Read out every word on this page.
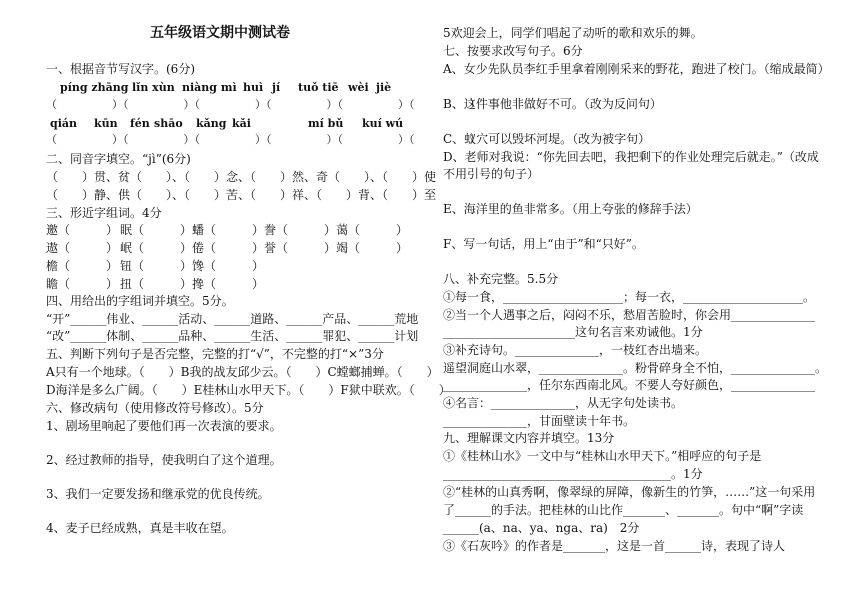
五年级语文期中测试卷
一、根据音节写汉字。(6分)
píng zhāng lǐn xùn niàng mì huì jí tuǒ tiē wèi jiè
（　　　　　）（　　　　　）（　　　　　）（　　　　　）（　　　　　）（　　　　　）
qián kūn fén shāo kǎng kǎi	mí bǔ kuí wú
（　　　　　）（　　　　　）（　　　　　）（　　　　　）（　　　　　）（　　　　　）
二、同音字填空。“jì”(6分)
（　　）贯、贫（　　）、（　　）念、（　　）然、奇（　　）、（　　）使
（　　）静、供（　　）、（　　）苦、（　　）祥、（　　）背、（　　）至
三、形近字组词。4分
邀（　　　） 眠（　　　） 蟠（　　　） 誊（　　　） 蔼（　　　）
遨（　　　） 岷（　　　） 倦（　　　） 誉（　　　） 竭（　　　）
檐（　　　） 钮（　　　） 馋（　　　）
瞻（　　　） 扭（　　　） 搀（　　　）
四、用给出的字组词并填空。5分。
“开”______伟业、______活动、______道路、______产品、______荒地
“改”______体制、______品种、______生活、______罪犯、______计划
五、判断下列句子是否完整，完整的打“√”，不完整的打“×”3分
A只有一个地球。（　　）B我的战友邱少云。（　　）C螳螂捕蝉。（　　）
D海洋是多么广阔。（　　）E桂林山水甲天下。（　　）F狱中联欢。（　　）
六、修改病句（使用修改符号修改）。5分
1、剧场里响起了要他们再一次表演的要求。
2、经过教师的指导，使我明白了这个道理。
3、我们一定要发扬和继承党的优良传统。
4、麦子已经成熟，真是丰收在望。
5欢迎会上，同学们唱起了动听的歌和欢乐的舞。
七、按要求改写句子。6分
A、女少先队员李红手里拿着刚刚采来的野花，跑进了校门。（缩成最简）
B、这件事他非做好不可。（改为反问句）
C、蚁穴可以毁坏河堤。（改为被字句）
D、老师对我说：“你先回去吧，我把剩下的作业处理完后就走。”（改成
不用引号的句子）
E、海洋里的鱼非常多。（用上夸张的修辞手法）
F、写一句话，用上“由于”和“只好”。
八、补充完整。5.5分
①每一食，____________________；每一衣，____________________。
②当一个人遇事之后，闷闷不乐，愁眉苦脸时，你会用______________
______________________这句名言来劝诫他。1分
③补充诗句。______________，一枝红杏出墙来。
遥望洞庭山水翠，______________。粉骨碎身全不怕，______________。
______________，任尔东西南北风。不要人夸好颜色，______________
④名言：______________，从无字句处读书。
______________，甘面壁读十年书。
九、理解课文内容并填空。13分
①《桂林山水》一文中与“桂林山水甲天下。”相呼应的句子是
______________________________________。1分
②“桂林的山真秀啊，像翠绿的屏障，像新生的竹笋，……”这一句采用
了______的手法。把桂林的山比作_______、_______。句中“啊”字读
______(a、na、ya、nga、ra)　2分
③《石灰吟》的作者是_______，这是一首______诗，表现了诗人
